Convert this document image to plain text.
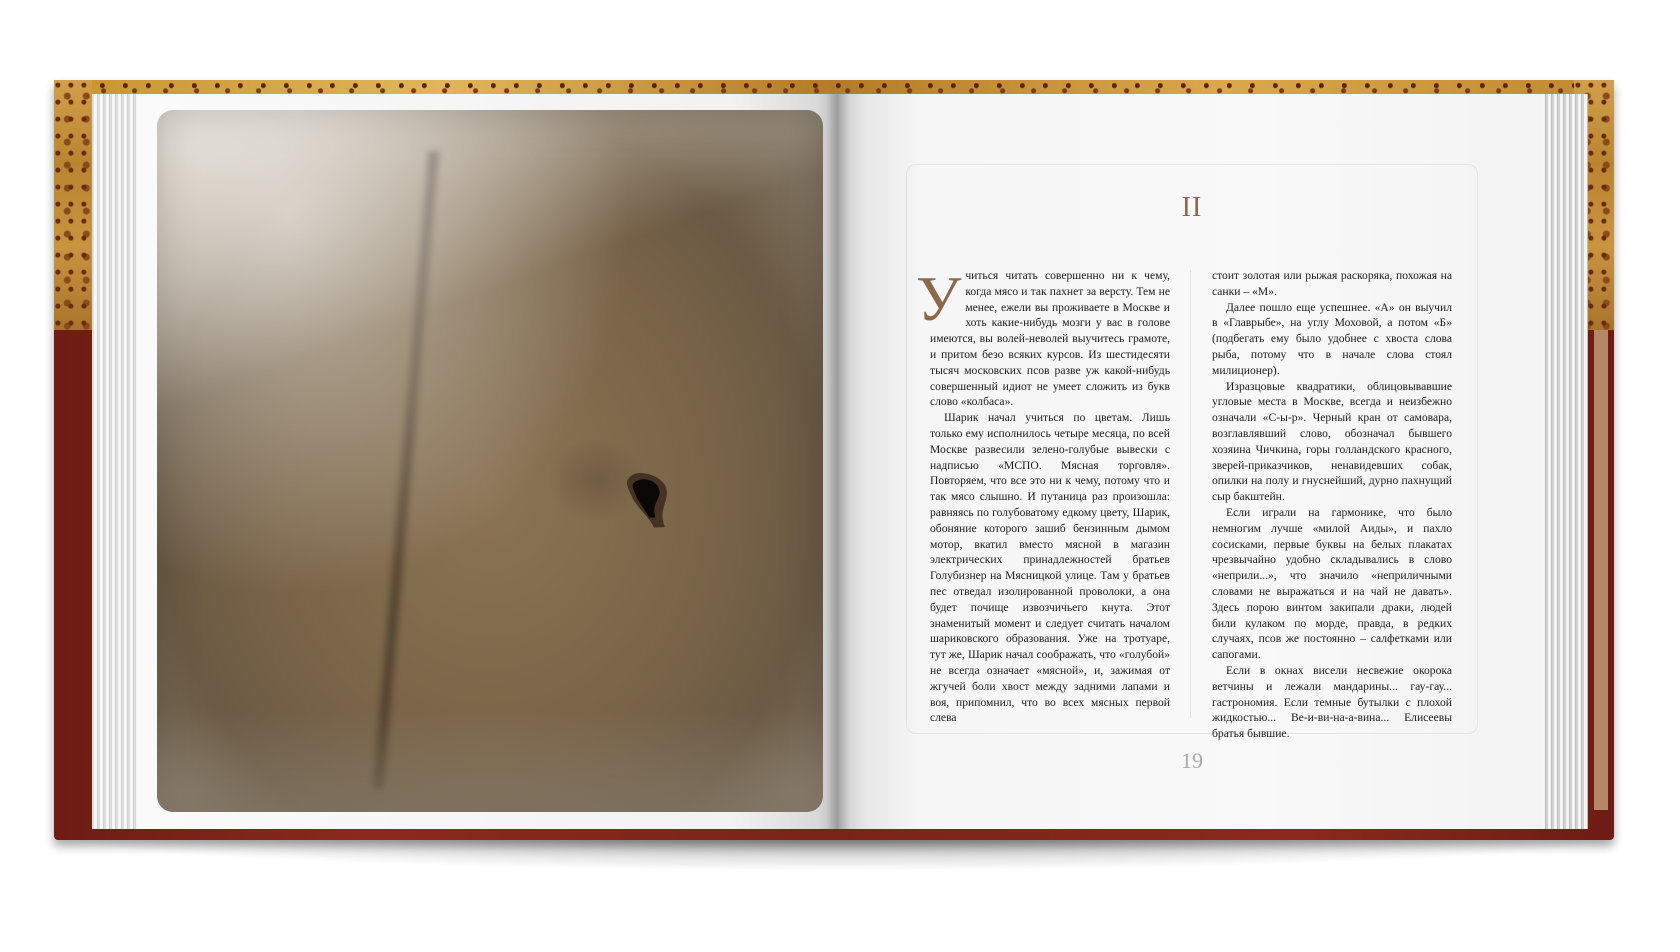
II

Учиться читать совершенно ни к чему, когда мясо и так пахнет за версту. Тем не менее, ежели вы проживаете в Москве и хоть какие-нибудь мозги у вас в голове имеются, вы волей-неволей выучитесь грамоте, и притом безо всяких курсов. Из шестидесяти тысяч московских псов разве уж какой-нибудь совершенный идиот не умеет сложить из букв слово «колбаса».

Шарик начал учиться по цветам. Лишь только ему исполнилось четыре месяца, по всей Москве развесили зелено-голубые вывески с надписью «МСПО. Мясная торговля». Повторяем, что все это ни к чему, потому что и так мясо слышно. И путаница раз произошла: равняясь по голубоватому едкому цвету, Шарик, обоняние которого зашиб бензинным дымом мотор, вкатил вместо мясной в магазин электрических принадлежностей братьев Голубизнер на Мясницкой улице. Там у братьев пес отведал изолированной проволоки, а она будет почище извозчичьего кнута. Этот знаменитый момент и следует считать началом шариковского образования. Уже на тротуаре, тут же, Шарик начал соображать, что «голубой» не всегда означает «мясной», и, зажимая от жгучей боли хвост между задними лапами и воя, припомнил, что во всех мясных первой слева

стоит золотая или рыжая раскоряка, похожая на санки – «М».

Далее пошло еще успешнее. «А» он выучил в «Главрыбе», на углу Моховой, а потом «Б» (подбегать ему было удобнее с хвоста слова рыба, потому что в начале слова стоял милиционер).

Изразцовые квадратики, облицовывавшие угловые места в Москве, всегда и неизбежно означали «С-ы-р». Черный кран от самовара, возглавлявший слово, обозначал бывшего хозяина Чичкина, горы голландского красного, зверей-приказчиков, ненавидевших собак, опилки на полу и гнуснейший, дурно пахнущий сыр бакштейн.

Если играли на гармонике, что было немногим лучше «милой Аиды», и пахло сосисками, первые буквы на белых плакатах чрезвычайно удобно складывались в слово «неприли...», что значило «неприличными словами не выражаться и на чай не давать». Здесь порою винтом закипали драки, людей били кулаком по морде, правда, в редких случаях, псов же постоянно – салфетками или сапогами.

Если в окнах висели несвежие окорока ветчины и лежали мандарины... гау-гау... гастрономия. Если темные бутылки с плохой жидкостью... Ве-и-ви-на-а-вина... Елисеевы братья бывшие.

19
